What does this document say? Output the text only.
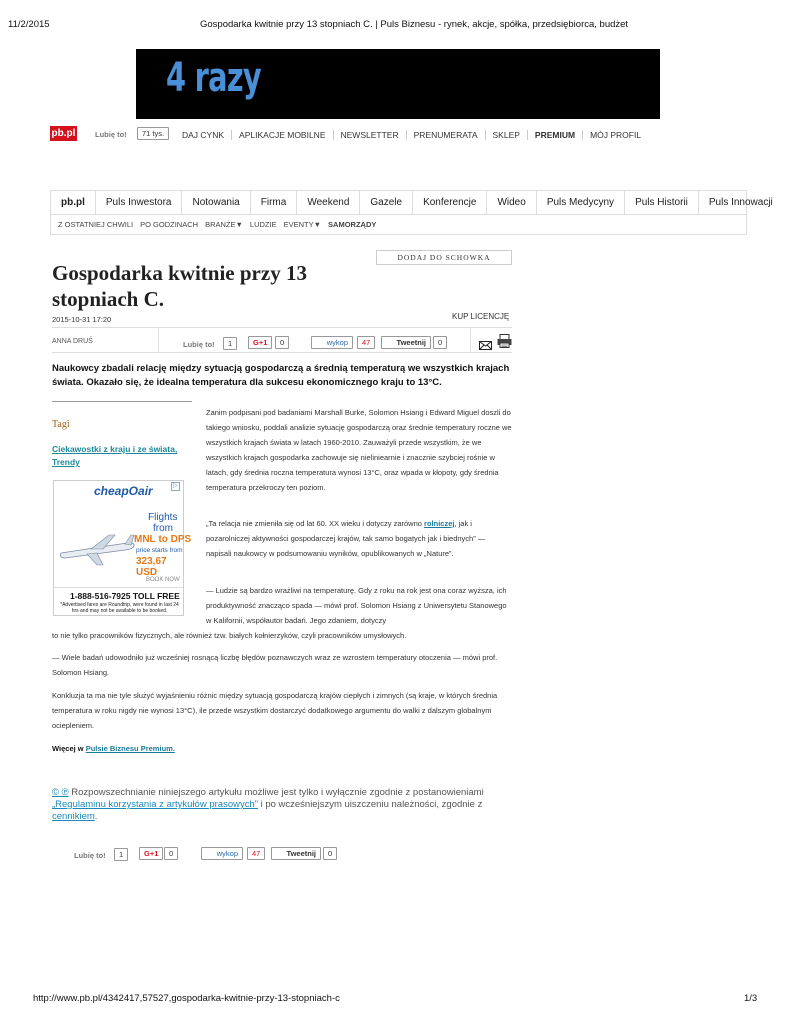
11/2/2015	Gospodarka kwitnie przy 13 stopniach C. | Puls Biznesu - rynek, akcje, spółka, przedsiębiorca, budżet
4 razy
pb.pl	Lubię to!	71 tys.	DAJ CYNK	APLIKACJE MOBILNE	NEWSLETTER	PRENUMERATA	SKLEP	PREMIUM	MÓJ PROFIL
pb.pl	Puls Inwestora	Notowania	Firma	Weekend	Gazele	Konferencje	Wideo	Puls Medycyny	Puls Historii	Puls Innowacji
Z OSTATNIEJ CHWILI PO GODZINACH BRANŻE▼ LUDZIE EVENTY▼ SAMORZĄDY
DODAJ DO SCHOWKA
Gospodarka kwitnie przy 13 stopniach C.
2015-10-31 17:20	KUP LICENCJĘ
ANNA DRUŚ	Lubię to!	1	G+1	0	wykop	47	Tweetnij	0

Naukowcy zbadali relację między sytuacją gospodarczą a średnią temperaturą we wszystkich krajach świata. Okazało się, że idealna temperatura dla sukcesu ekonomicznego kraju to 13°C.

Tagi
Ciekawostki z kraju i ze świata, Trendy
▷
cheapOair
Flights
from
MNL to DPS
price starts from
323,67 USD
BOOK NOW
1-888-516-7925 TOLL FREE
*Advertised fares are Roundtrip, were found in last 24 hrs and may not be available to be booked.

Zanim podpisani pod badaniami Marshall Burke, Solomon Hsiang i Edward Miguel doszli do takiego wniosku, poddali analizie sytuację gospodarczą oraz średnie temperatury roczne we wszystkich krajach świata w latach 1960-2010. Zauważyli przede wszystkim, że we wszystkich krajach gospodarka zachowuje się nieliniearnie i znacznie szybciej rośnie w latach, gdy średnia roczna temperatura wynosi 13°C, oraz wpada w kłopoty, gdy średnia temperatura przekroczy ten poziom.

„Ta relacja nie zmieniła się od lat 60. XX wieku i dotyczy zarówno rolniczej, jak i pozarolniczej aktywności gospodarczej krajów, tak samo bogatych jak i biednych” — napisali naukowcy w podsumowaniu wyników, opublikowanych w „Nature”.

— Ludzie są bardzo wrażliwi na temperaturę. Gdy z roku na rok jest ona coraz wyższa, ich produktywność znacząco spada — mówi prof. Solomon Hsiang z Uniwersytetu Stanowego w Kalifornii, współautor badań. Jego zdaniem, dotyczy

to nie tylko pracowników fizycznych, ale również tzw. białych kołnierzyków, czyli pracowników umysłowych.

— Wiele badań udowodniło już wcześniej rosnącą liczbę błędów poznawczych wraz ze wzrostem temperatury otoczenia — mówi prof. Solomon Hsiang.

Konkluzja ta ma nie tyle służyć wyjaśnieniu różnic między sytuacją gospodarczą krajów ciepłych i zimnych (są kraje, w których średnia temperatura w roku nigdy nie wynosi 13°C), ile przede wszystkim dostarczyć dodatkowego argumentu do walki z dalszym globalnym ociepleniem.

Więcej w Pulsie Biznesu Premium.

© ℗ Rozpowszechnianie niniejszego artykułu możliwe jest tylko i wyłącznie zgodnie z postanowieniami „Regulaminu korzystania z artykułów prasowych” i po wcześniejszym uiszczeniu należności, zgodnie z cennikiem.
Lubię to!	1	G+1	0	wykop	47	Tweetnij	0
http://www.pb.pl/4342417,57527,gospodarka-kwitnie-przy-13-stopniach-c	1/3
